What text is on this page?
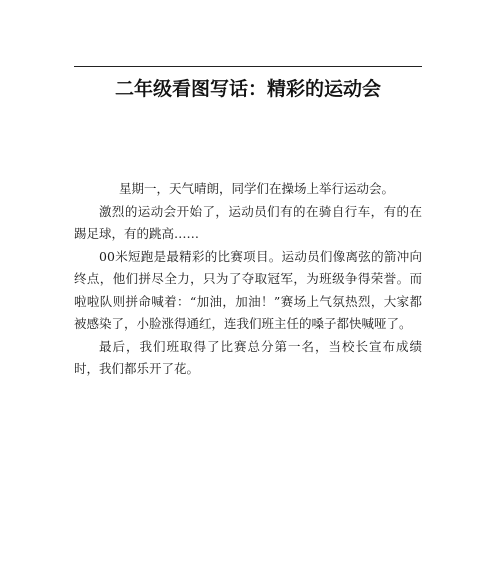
二年级看图写话：精彩的运动会

星期一，天气晴朗，同学们在操场上举行运动会。

激烈的运动会开始了，运动员们有的在骑自行车，有的在踢足球，有的跳高……

00米短跑是最精彩的比赛项目。运动员们像离弦的箭冲向终点，他们拼尽全力，只为了夺取冠军，为班级争得荣誉。而啦啦队则拼命喊着：“加油，加油！”赛场上气氛热烈，大家都被感染了，小脸涨得通红，连我们班主任的嗓子都快喊哑了。

最后，我们班取得了比赛总分第一名，当校长宣布成绩时，我们都乐开了花。
